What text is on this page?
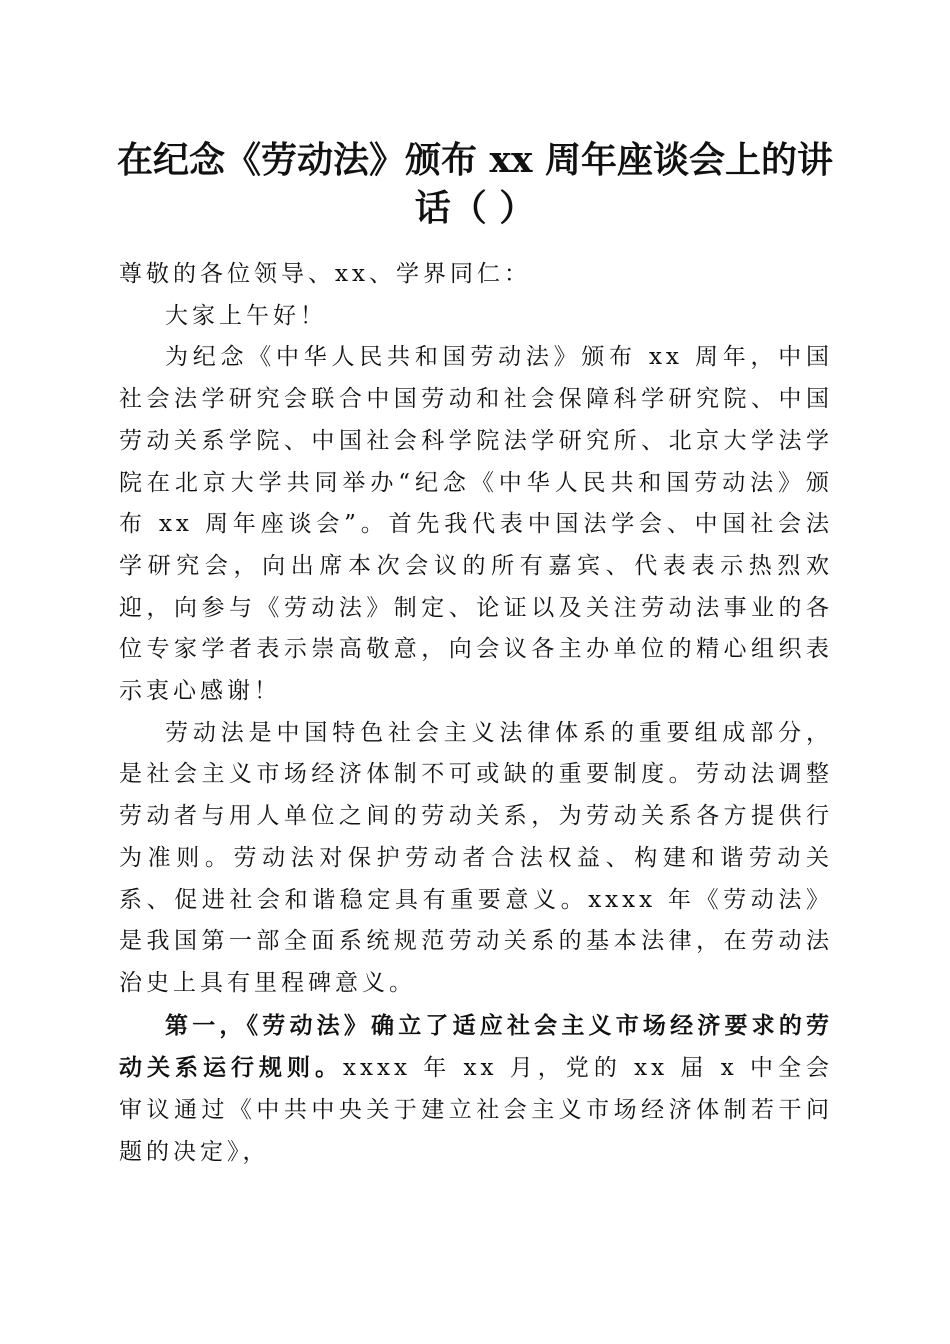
在纪念《劳动法》颁布 xx 周年座谈会上的讲
话（ ）

尊敬的各位领导、xx、学界同仁：

大家上午好！

为纪念《中华人民共和国劳动法》颁布 xx 周年，中国社会法学研究会联合中国劳动和社会保障科学研究院、中国劳动关系学院、中国社会科学院法学研究所、北京大学法学院在北京大学共同举办“纪念《中华人民共和国劳动法》颁布 xx 周年座谈会”。首先我代表中国法学会、中国社会法学研究会，向出席本次会议的所有嘉宾、代表表示热烈欢迎，向参与《劳动法》制定、论证以及关注劳动法事业的各位专家学者表示崇高敬意，向会议各主办单位的精心组织表示衷心感谢！

劳动法是中国特色社会主义法律体系的重要组成部分，是社会主义市场经济体制不可或缺的重要制度。劳动法调整劳动者与用人单位之间的劳动关系，为劳动关系各方提供行为准则。劳动法对保护劳动者合法权益、构建和谐劳动关系、促进社会和谐稳定具有重要意义。xxxx 年《劳动法》是我国第一部全面系统规范劳动关系的基本法律，在劳动法治史上具有里程碑意义。

第一，《劳动法》确立了适应社会主义市场经济要求的劳动关系运行规则。xxxx 年 xx 月，党的 xx 届 x 中全会审议通过《中共中央关于建立社会主义市场经济体制若干问题的决定》，
